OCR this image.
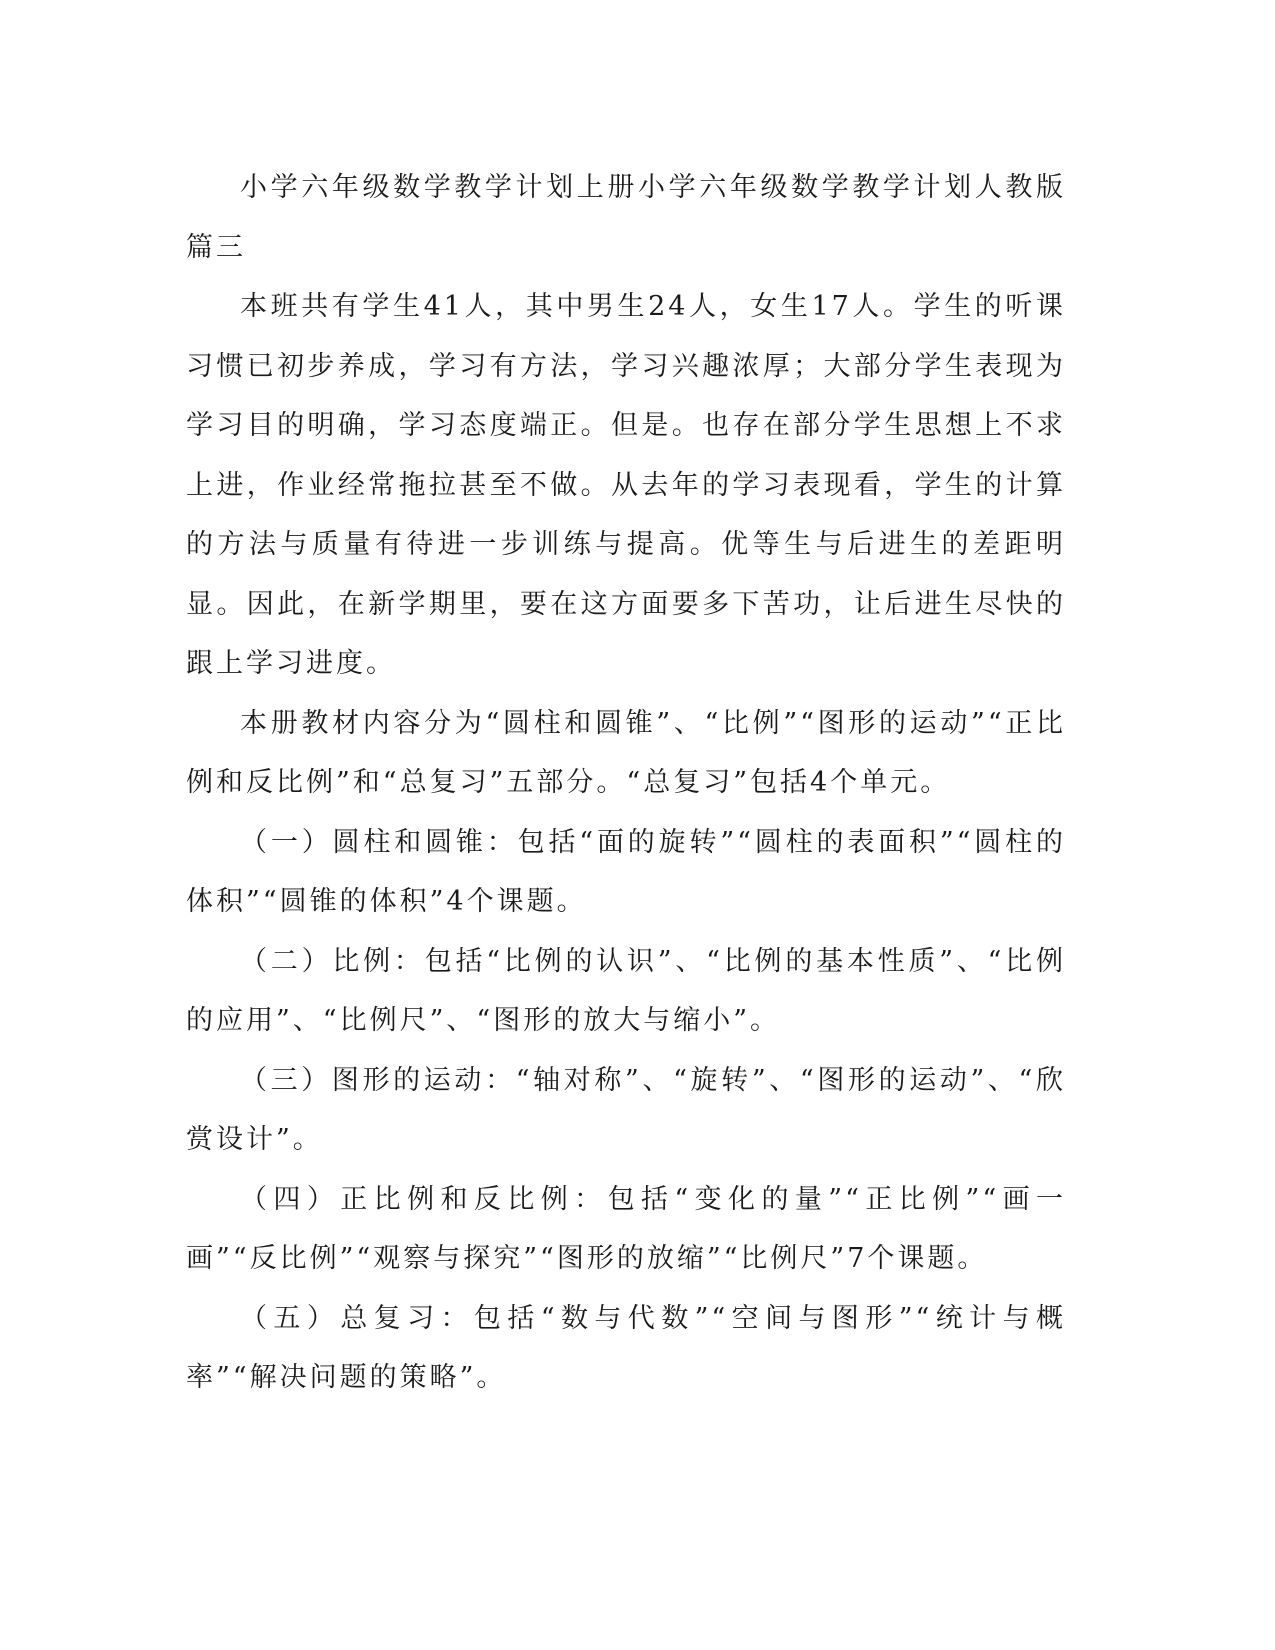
小学六年级数学教学计划上册小学六年级数学教学计划人教版篇三

本班共有学生41人，其中男生24人，女生17人。学生的听课习惯已初步养成，学习有方法，学习兴趣浓厚；大部分学生表现为学习目的明确，学习态度端正。但是。也存在部分学生思想上不求上进，作业经常拖拉甚至不做。从去年的学习表现看，学生的计算的方法与质量有待进一步训练与提高。优等生与后进生的差距明显。因此，在新学期里，要在这方面要多下苦功，让后进生尽快的跟上学习进度。

本册教材内容分为“圆柱和圆锥”、“比例”“图形的运动”“正比例和反比例”和“总复习”五部分。“总复习”包括4个单元。

（一）圆柱和圆锥：包括“面的旋转”“圆柱的表面积”“圆柱的体积”“圆锥的体积”4个课题。

（二）比例：包括“比例的认识”、“比例的基本性质”、“比例的应用”、“比例尺”、“图形的放大与缩小”。

（三）图形的运动：“轴对称”、“旋转”、“图形的运动”、“欣赏设计”。

（四）正比例和反比例：包括“变化的量”“正比例”“画一画”“反比例”“观察与探究”“图形的放缩”“比例尺”7个课题。

（五）总复习：包括“数与代数”“空间与图形”“统计与概率”“解决问题的策略”。
